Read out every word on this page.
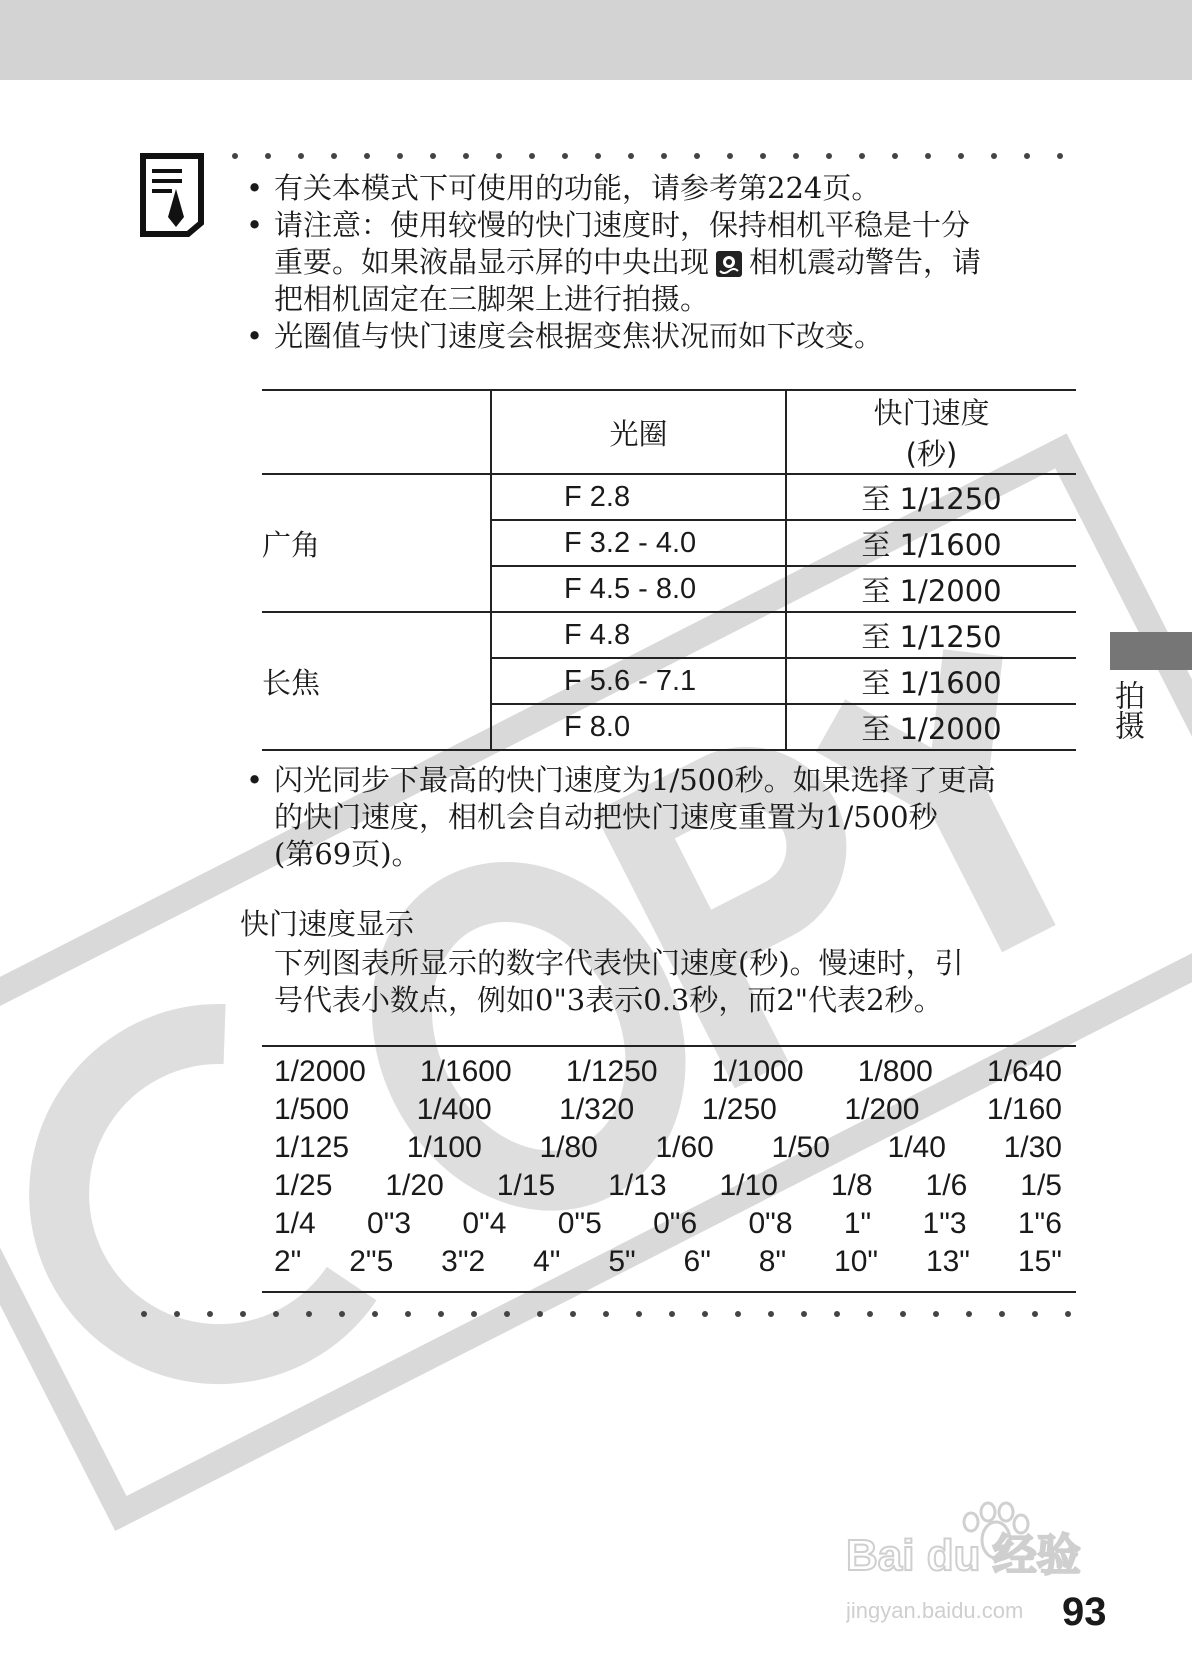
• 有关本模式下可使用的功能，请参考第224页。

• 请注意：使用较慢的快门速度时，保持相机平稳是十分
重要。如果液晶显示屏的中央出现 相机震动警告，请
把相机固定在三脚架上进行拍摄。

• 光圈值与快门速度会根据变焦状况而如下改变。

	光圈	快门速度
(秒)

广角	F 2.8	至 1/1250
	F 3.2 - 4.0	至 1/1600
	F 4.5 - 8.0	至 1/2000
长焦	F 4.8	至 1/1250
	F 5.6 - 7.1	至 1/1600
	F 8.0	至 1/2000

• 闪光同步下最高的快门速度为1/500秒。如果选择了更高
的快门速度，相机会自动把快门速度重置为1/500秒
(第69页)。

快门速度显示
下列图表所显示的数字代表快门速度(秒)。慢速时，引
号代表小数点，例如0"3表示0.3秒，而2"代表2秒。
1/2000 1/1600 1/1250 1/1000 1/800 1/640
1/500 1/400 1/320 1/250 1/200 1/160
1/125 1/100 1/80 1/60 1/50 1/40 1/30
1/25 1/20 1/15 1/13 1/10 1/8 1/6 1/5
1/4 0"3 0"4 0"5 0"6 0"8 1" 1"3 1"6
2" 2"5 3"2 4" 5" 6" 8" 10" 13" 15"
拍摄
Bai du 经验
jingyan.baidu.com 93
